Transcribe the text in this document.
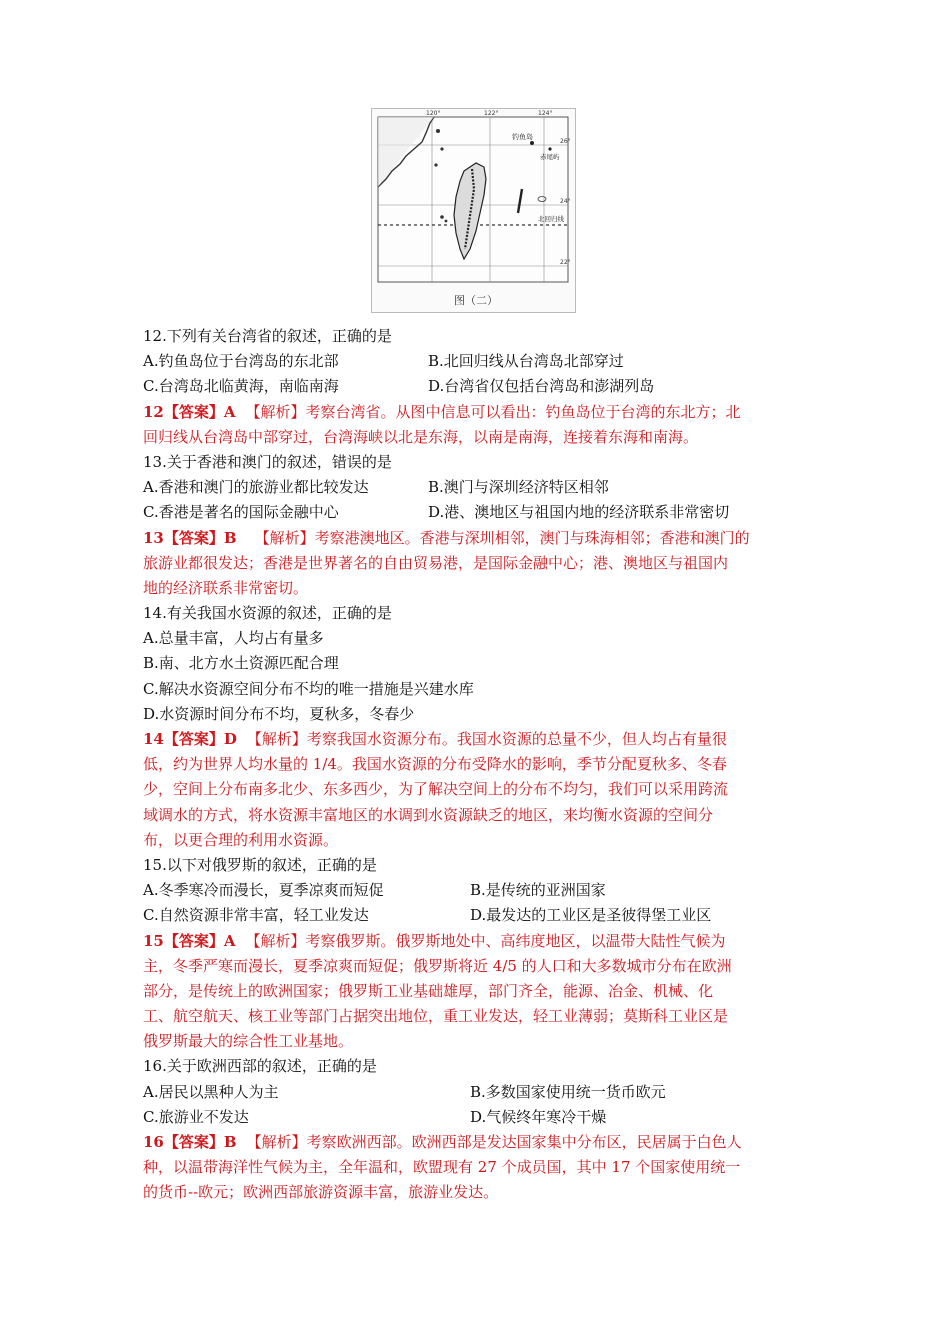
120°	122°	124°
26°
24°
22°
钓鱼岛
赤尾屿
北回归线
图（二）
12.下列有关台湾省的叙述，正确的是
A.钓鱼岛位于台湾岛的东北部	B.北回归线从台湾岛北部穿过
C.台湾岛北临黄海，南临南海	D.台湾省仅包括台湾岛和澎湖列岛
12【答案】A 【解析】考察台湾省。从图中信息可以看出：钓鱼岛位于台湾的东北方；北
回归线从台湾岛中部穿过，台湾海峡以北是东海，以南是南海，连接着东海和南海。
13.关于香港和澳门的叙述，错误的是
A.香港和澳门的旅游业都比较发达	B.澳门与深圳经济特区相邻
C.香港是著名的国际金融中心	D.港、澳地区与祖国内地的经济联系非常密切
13【答案】B 【解析】考察港澳地区。香港与深圳相邻，澳门与珠海相邻；香港和澳门的
旅游业都很发达；香港是世界著名的自由贸易港，是国际金融中心；港、澳地区与祖国内
地的经济联系非常密切。
14.有关我国水资源的叙述，正确的是
A.总量丰富，人均占有量多
B.南、北方水土资源匹配合理
C.解决水资源空间分布不均的唯一措施是兴建水库
D.水资源时间分布不均，夏秋多，冬春少
14【答案】D 【解析】考察我国水资源分布。我国水资源的总量不少，但人均占有量很
低，约为世界人均水量的 1/4。我国水资源的分布受降水的影响，季节分配夏秋多、冬春
少，空间上分布南多北少、东多西少，为了解决空间上的分布不均匀，我们可以采用跨流
域调水的方式，将水资源丰富地区的水调到水资源缺乏的地区，来均衡水资源的空间分
布，以更合理的利用水资源。
15.以下对俄罗斯的叙述，正确的是
A.冬季寒冷而漫长，夏季凉爽而短促	B.是传统的亚洲国家
C.自然资源非常丰富，轻工业发达	D.最发达的工业区是圣彼得堡工业区
15【答案】A 【解析】考察俄罗斯。俄罗斯地处中、高纬度地区，以温带大陆性气候为
主，冬季严寒而漫长，夏季凉爽而短促；俄罗斯将近 4/5 的人口和大多数城市分布在欧洲
部分，是传统上的欧洲国家；俄罗斯工业基础雄厚，部门齐全，能源、冶金、机械、化
工、航空航天、核工业等部门占据突出地位，重工业发达，轻工业薄弱；莫斯科工业区是
俄罗斯最大的综合性工业基地。
16.关于欧洲西部的叙述，正确的是
A.居民以黑种人为主	B.多数国家使用统一货币欧元
C.旅游业不发达	D.气候终年寒冷干燥
16【答案】B 【解析】考察欧洲西部。欧洲西部是发达国家集中分布区，民居属于白色人
种，以温带海洋性气候为主，全年温和，欧盟现有 27 个成员国，其中 17 个国家使用统一
的货币--欧元；欧洲西部旅游资源丰富，旅游业发达。
